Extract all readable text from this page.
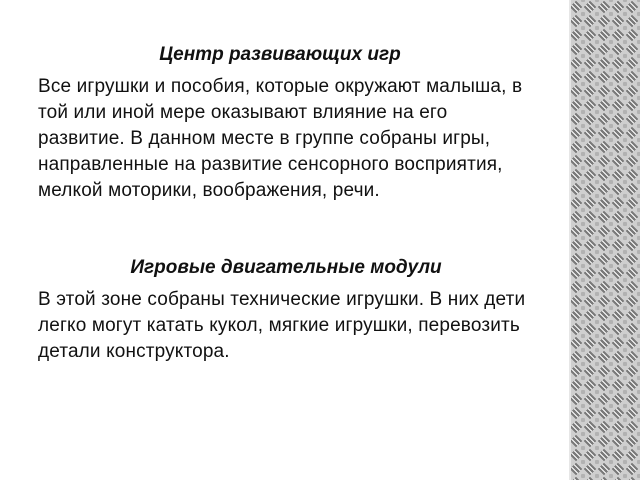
Центр развивающих игр

Все игрушки и пособия, которые окружают малыша, в той или иной мере оказывают влияние на его развитие. В данном месте в группе собраны игры, направленные на развитие сенсорного восприятия, мелкой моторики, воображения, речи.

Игровые двигательные модули

В этой зоне собраны технические игрушки. В них дети легко могут катать кукол, мягкие игрушки, перевозить детали конструктора.
